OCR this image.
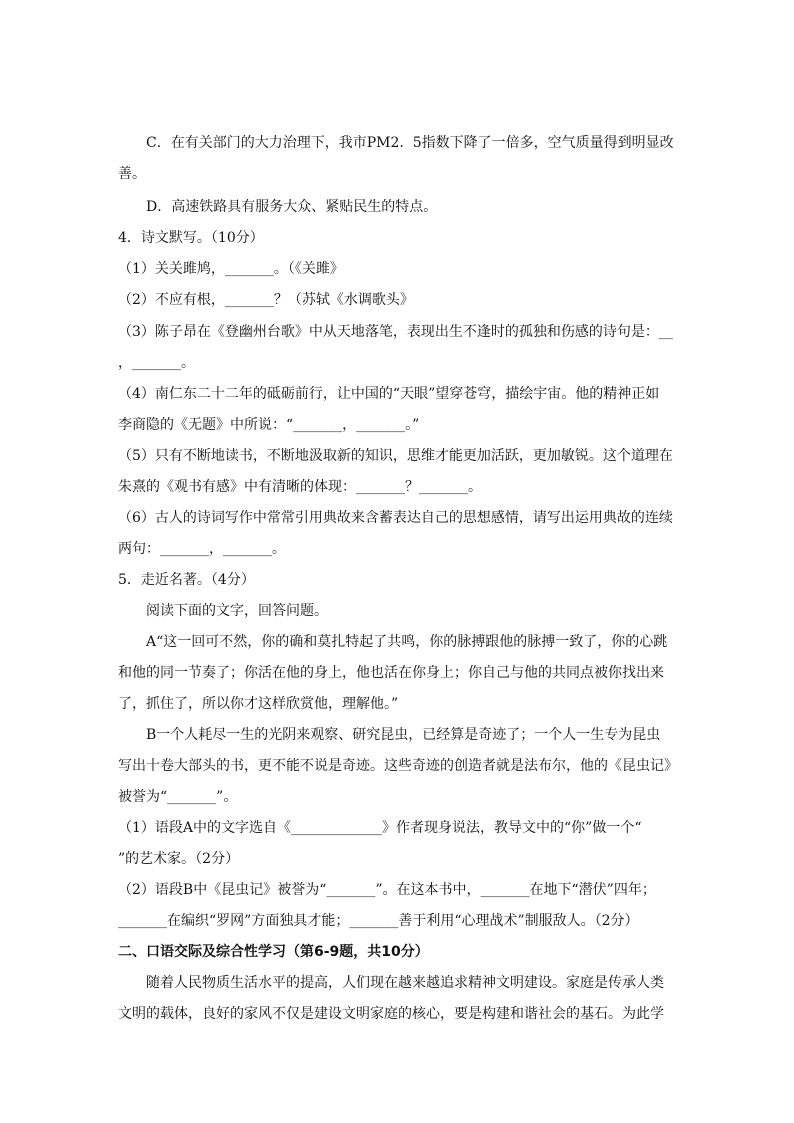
C．在有关部门的大力治理下，我市PM2.  5指数下降了一倍多，空气质量得到明显改
善。
D．高速铁路具有服务大众、紧贴民生的特点。
4．诗文默写。（10分）
（1）关关雎鸠，_______。（《关雎》
（2）不应有根，_______？（苏轼《水调歌头》
（3）陈子昂在《登幽州台歌》中从天地落笔，表现出生不逢时的孤独和伤感的诗句是：__
，_______。
（4）南仁东二十二年的砥砺前行，让中国的“天眼”望穿苍穹，描绘宇宙。他的精神正如
李商隐的《无题》中所说：“_______，_______。”
（5）只有不断地读书，不断地汲取新的知识，思维才能更加活跃，更加敏锐。这个道理在
朱熹的《观书有感》中有清晰的体现：_______？_______。
（6）古人的诗词写作中常常引用典故来含蓄表达自己的思想感情，请写出运用典故的连续
两句：_______，_______。
5．走近名著。（4分）
阅读下面的文字，回答问题。
A“这一回可不然，你的确和莫扎特起了共鸣，你的脉搏跟他的脉搏一致了，你的心跳
和他的同一节奏了；你活在他的身上，他也活在你身上；你自己与他的共同点被你找出来
了，抓住了，所以你才这样欣赏他，理解他。”
B一个人耗尽一生的光阴来观察、研究昆虫，已经算是奇迹了；一个人一生专为昆虫
写出十卷大部头的书，更不能不说是奇迹。这些奇迹的创造者就是法布尔，他的《昆虫记》
被誉为“_______”。
（1）语段A中的文字选自《_____________》作者现身说法，教导文中的“你”做一个“
”的艺术家。（2分）
（2）语段B中《昆虫记》被誉为“_______”。在这本书中，_______在地下“潜伏”四年；
_______在编织“罗网”方面独具才能；_______善于利用“心理战术”制服敌人。（2分）
二、口语交际及综合性学习（第6-9题，共10分）
随着人民物质生活水平的提高，人们现在越来越追求精神文明建设。家庭是传承人类
文明的载体，良好的家风不仅是建设文明家庭的核心，要是构建和谐社会的基石。为此学
